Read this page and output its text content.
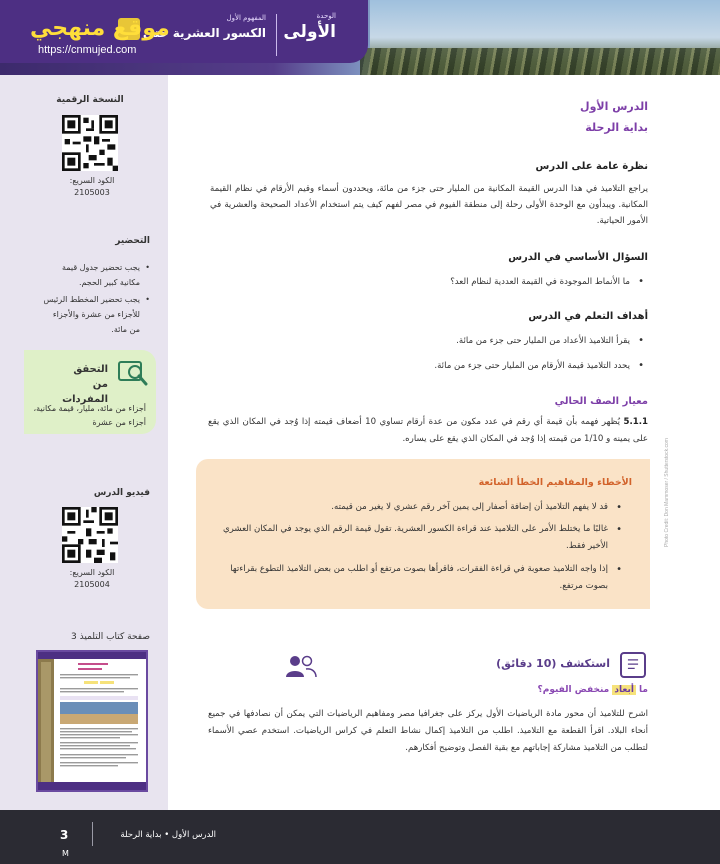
الوحدة
الأولى
المفهوم الأول
الكسور العشرية حتى
موقع منهجي
https://cnmujed.com
النسخة الرقمية
الكود السريع:
2105003
التحضير
• يجب تحضير جدول قيمة مكانية كبير الحجم.
• يجب تحضير المخطط الرئيس للأجزاء من عشرة والأجزاء من مائة.
التحقق
من المفردات
أجزاء من مائة، مليار، قيمة مكانية، أجزاء من عشرة
فيديو الدرس
الكود السريع:
2105004
صفحة كتاب التلميذ 3
الدرس الأول
بداية الرحلة
نظرة عامة على الدرس
يراجع التلاميذ في هذا الدرس القيمة المكانية من المليار حتى جزء من مائة، ويحددون أسماء وقيم الأرقام في نظام القيمة المكانية. ويبدأون مع الوحدة الأولى رحلة إلى منطقة الفيوم في مصر لفهم كيف يتم استخدام الأعداد الصحيحة والعشرية في الأمور الحياتية.
السؤال الأساسي في الدرس
• ما الأنماط الموجودة في القيمة العددية لنظام العد؟
أهداف التعلم في الدرس
• يقرأ التلاميذ الأعداد من المليار حتى جزء من مائة.
• يحدد التلاميذ قيمة الأرقام من المليار حتى جزء من مائة.
معيار الصف الحالي
5.1.1 يُظهر فهمه بأن قيمة أي رقم في عدد مكون من عدة أرقام تساوي 10 أضعاف قيمته إذا وُجد في المكان الذي يقع على يمينه و 1/10 من قيمته إذا وُجد في المكان الذي يقع على يساره.	Photo Credit: Don Mammoser / Shutterstock.com
الأخطاء والمفاهيم الخطأ الشائعة
• قد لا يفهم التلاميذ أن إضافة أصفار إلى يمين آخر رقم عشري لا يغير من قيمته.
• غالبًا ما يختلط الأمر على التلاميذ عند قراءة الكسور العشرية. تقول قيمة الرقم الذي يوجد في المكان العشري الأخير فقط.
• إذا واجه التلاميذ صعوبة في قراءة الفقرات، فاقرأها بصوت مرتفع أو اطلب من بعض التلاميذ التطوع بقراءتها بصوت مرتفع.
استكشف (10 دقائق)
ما أبعاد منخفض الفيوم؟
اشرح للتلاميذ أن محور مادة الرياضيات الأول يركز على جغرافيا مصر ومفاهيم الرياضيات التي يمكن أن نصادفها في جميع أنحاء البلاد. اقرأ القطعة مع التلاميذ. اطلب من التلاميذ إكمال نشاط التعلم في كراس الرياضيات. استخدم عصي الأسماء لتطلب من التلاميذ مشاركة إجاباتهم مع بقية الفصل وتوضيح أفكارهم.
3
M
الدرس الأول • بداية الرحلة
